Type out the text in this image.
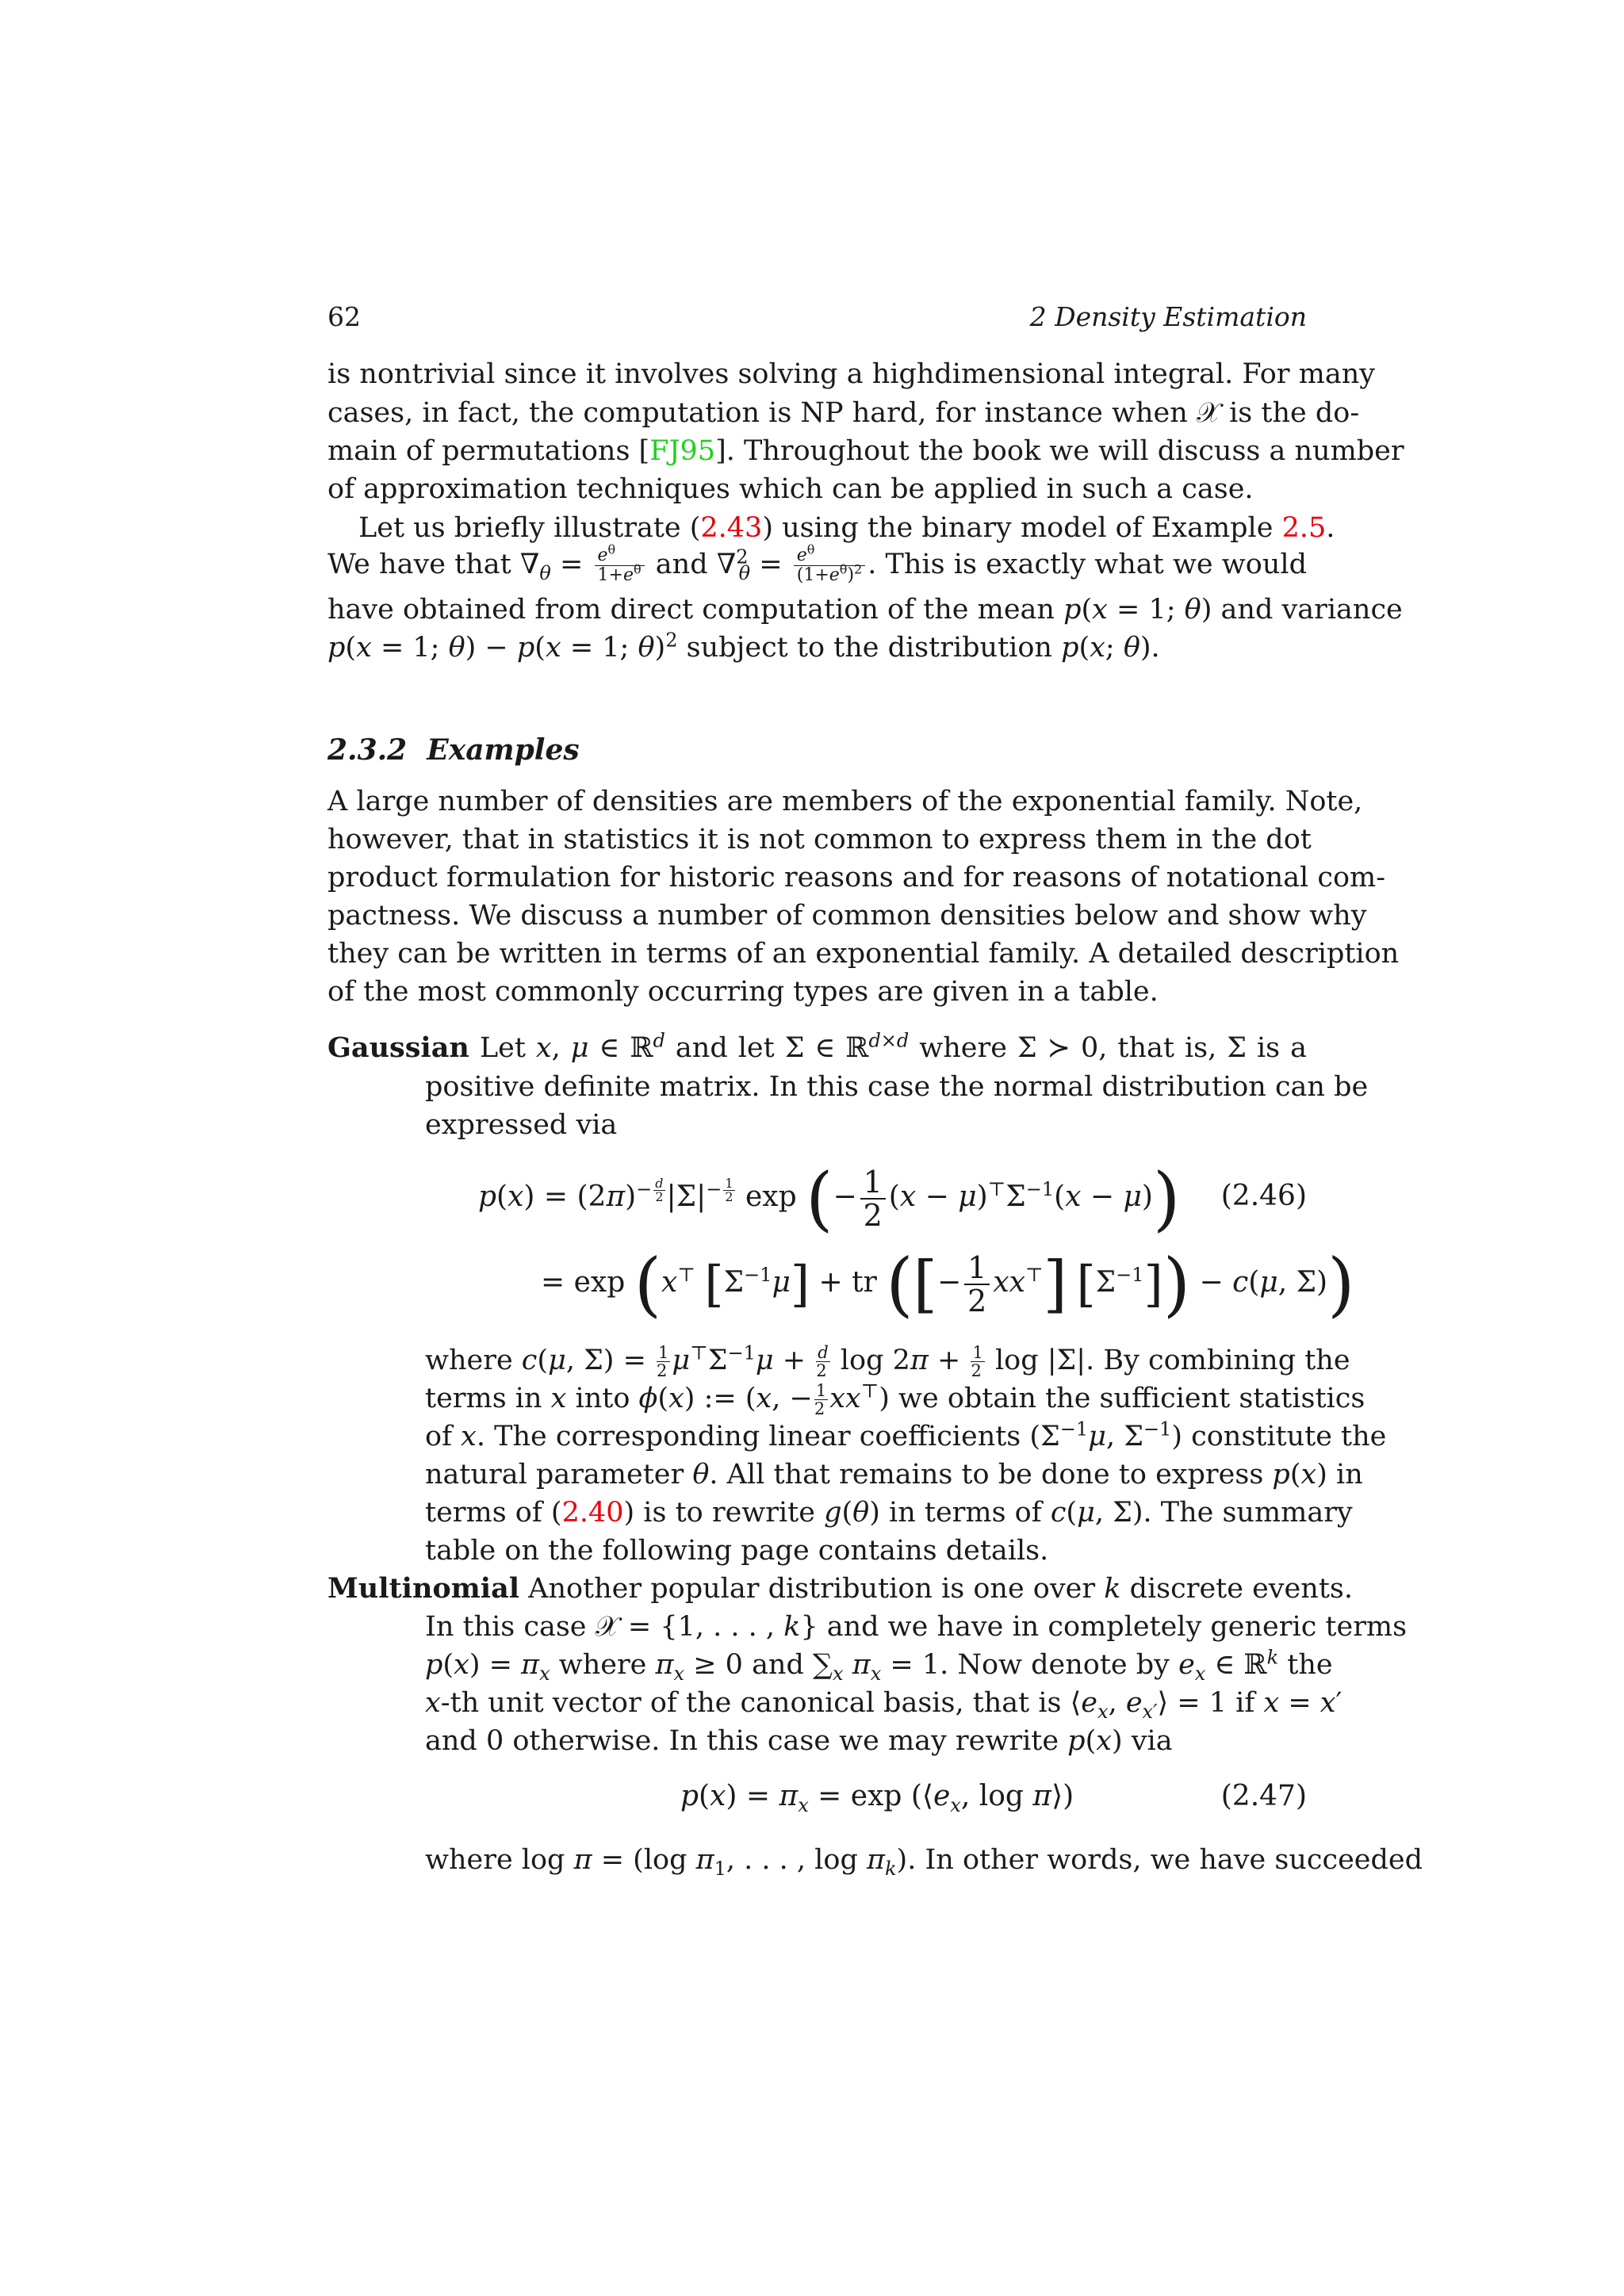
62	2 Density Estimation
is nontrivial since it involves solving a highdimensional integral. For many
cases, in fact, the computation is NP hard, for instance when 𝒳 is the do-
main of permutations [FJ95]. Throughout the book we will discuss a number
of approximation techniques which can be applied in such a case.
Let us briefly illustrate (2.43) using the binary model of Example 2.5.
We have that $\nabla_\theta = \frac{e^\theta}{1+e^\theta}$ and $\nabla^2_\theta = \frac{e^\theta}{(1+e^\theta)^2}$ . This is exactly what we would
have obtained from direct computation of the mean p(x = 1; θ) and variance
p(x = 1; θ) − p(x = 1; θ)$^2$ subject to the distribution p(x; θ).
2.3.2 Examples
A large number of densities are members of the exponential family. Note,
however, that in statistics it is not common to express them in the dot
product formulation for historic reasons and for reasons of notational com-
pactness. We discuss a number of common densities below and show why
they can be written in terms of an exponential family. A detailed description
of the most commonly occurring types are given in a table.
Gaussian Let x, μ ∈ ℝ$^d$ and let Σ ∈ ℝ$^{d\times d}$ where Σ ≻ 0, that is, Σ is a
positive definite matrix. In this case the normal distribution can be
expressed via
$p(x) = (2\pi)^{- \frac{d}{2}}|\Sigma|^{- \frac{1}{2}}$ exp (− $\frac{1}{2} (x - \mu)^⊤\Sigma^{-1}(x - \mu)$) (2.46)
= exp (x⊤ $[\Sigma^{-1}\mu]$ + tr ([− $\frac{1}{2} xx^⊤$] $[\Sigma^{-1}]) - c(\mu$, Σ))
where c(μ, $\Sigma) = \frac{1}{2}\mu^⊤\Sigma^{-1}\mu + \frac{d}{2}$ $\log 2\pi + \frac{1}{2}$ log |Σ|. By combining the
terms in x into ϕ(x) := (x, − $\frac{1}{2}xx^⊤$) we obtain the sufficient statistics
of x. The corresponding linear coefficients ($\Sigma^{-1}\mu$, $\Sigma^{-1}$) constitute the
natural parameter θ. All that remains to be done to express p(x) in
terms of (2.40) is to rewrite g(θ) in terms of c(μ, Σ). The summary
table on the following page contains details.
Multinomial Another popular distribution is one over k discrete events.
In this case 𝒳 = {1, . . . , k} and we have in completely generic terms
$p(x) = \pi_x$ where $\pi_x \ge 0$ and $\sum_x$ $\pi_x = 1$. Now denote by $e_x$ ∈ ℝ$^k$ the
x-th unit vector of the canonical basis, that is $⟨e_x$, $e_{x'}⟩ = 1$ if x = x′
and 0 otherwise. In this case we may rewrite p(x) via
$p(x) = \pi_x = \exp$ ($⟨e_x$, log π⟩)	(2.47)
where log π = (log $\pi_1$, . . . , $\log \pi_k$). In other words, we have succeeded
